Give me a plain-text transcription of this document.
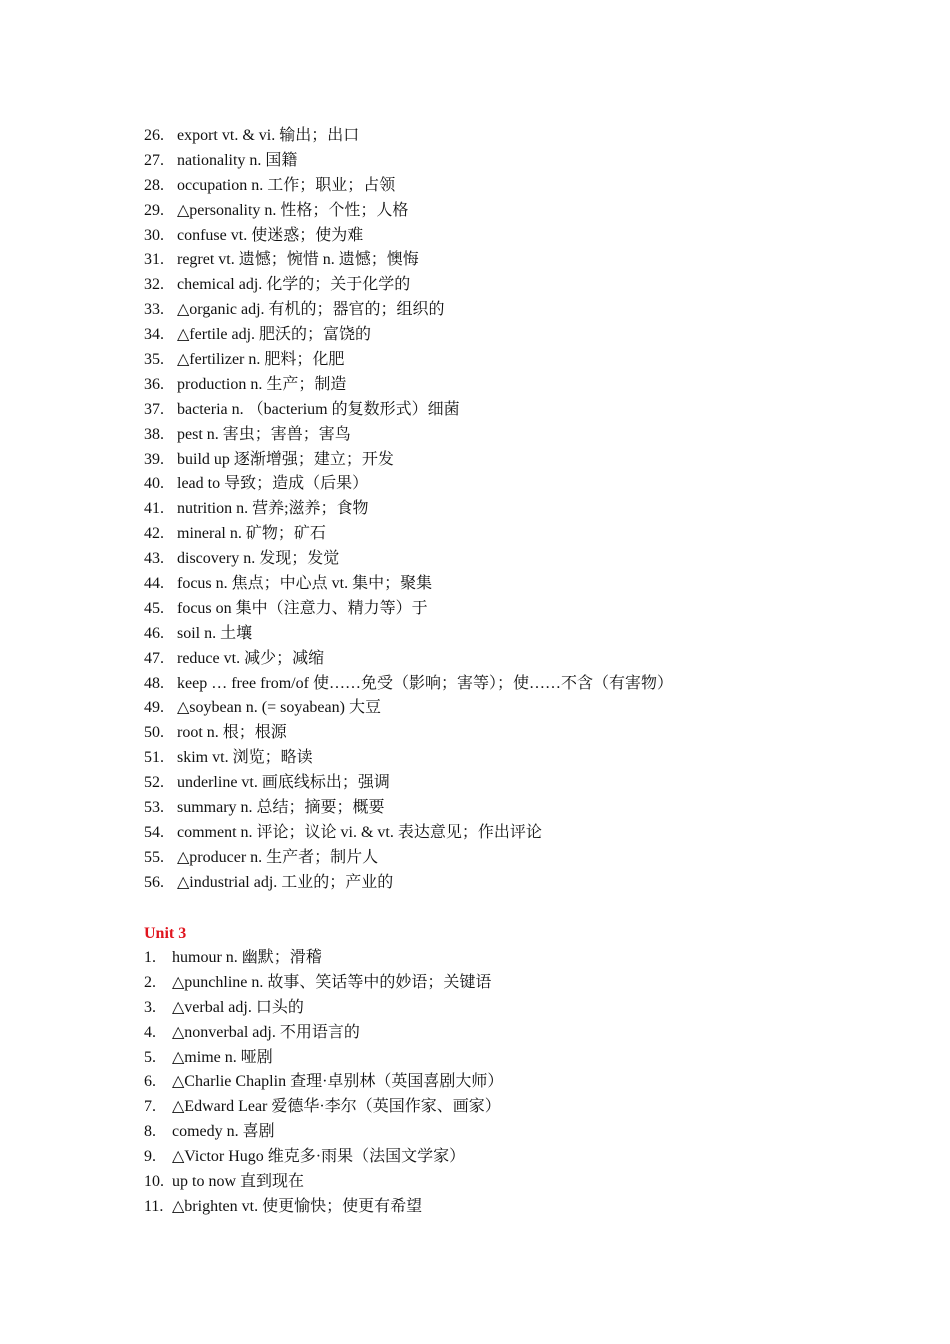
26. export vt. & vi. 输出；出口
27. nationality n. 国籍
28. occupation n. 工作；职业；占领
29. △personality n. 性格；个性；人格
30. confuse vt. 使迷惑；使为难
31. regret vt. 遗憾；惋惜 n. 遗憾；懊悔
32. chemical adj. 化学的；关于化学的
33. △organic adj. 有机的；器官的；组织的
34. △fertile adj. 肥沃的；富饶的
35. △fertilizer n. 肥料；化肥
36. production n. 生产；制造
37. bacteria n. （bacterium 的复数形式）细菌
38. pest n. 害虫；害兽；害鸟
39. build up 逐渐增强；建立；开发
40. lead to 导致；造成（后果）
41. nutrition n. 营养;滋养；食物
42. mineral n. 矿物；矿石
43. discovery n. 发现；发觉
44. focus n. 焦点；中心点 vt. 集中；聚集
45. focus on 集中（注意力、精力等）于
46. soil n. 土壤
47. reduce vt. 减少；减缩
48. keep … free from/of 使……免受（影响；害等）；使……不含（有害物）
49. △soybean n. (= soyabean) 大豆
50. root n. 根；根源
51. skim vt. 浏览；略读
52. underline vt. 画底线标出；强调
53. summary n. 总结；摘要；概要
54. comment n. 评论；议论 vi. & vt. 表达意见；作出评论
55. △producer n. 生产者；制片人
56. △industrial adj. 工业的；产业的
Unit 3
1.	humour n. 幽默；滑稽
2.	△punchline n. 故事、笑话等中的妙语；关键语
3.	△verbal adj. 口头的
4.	△nonverbal adj. 不用语言的
5.	△mime n. 哑剧
6.	△Charlie Chaplin 查理·卓别林（英国喜剧大师）
7.	△Edward Lear 爱德华·李尔（英国作家、画家）
8.	comedy n. 喜剧
9.	△Victor Hugo 维克多·雨果（法国文学家）
10. up to now 直到现在
11. △brighten vt. 使更愉快；使更有希望
